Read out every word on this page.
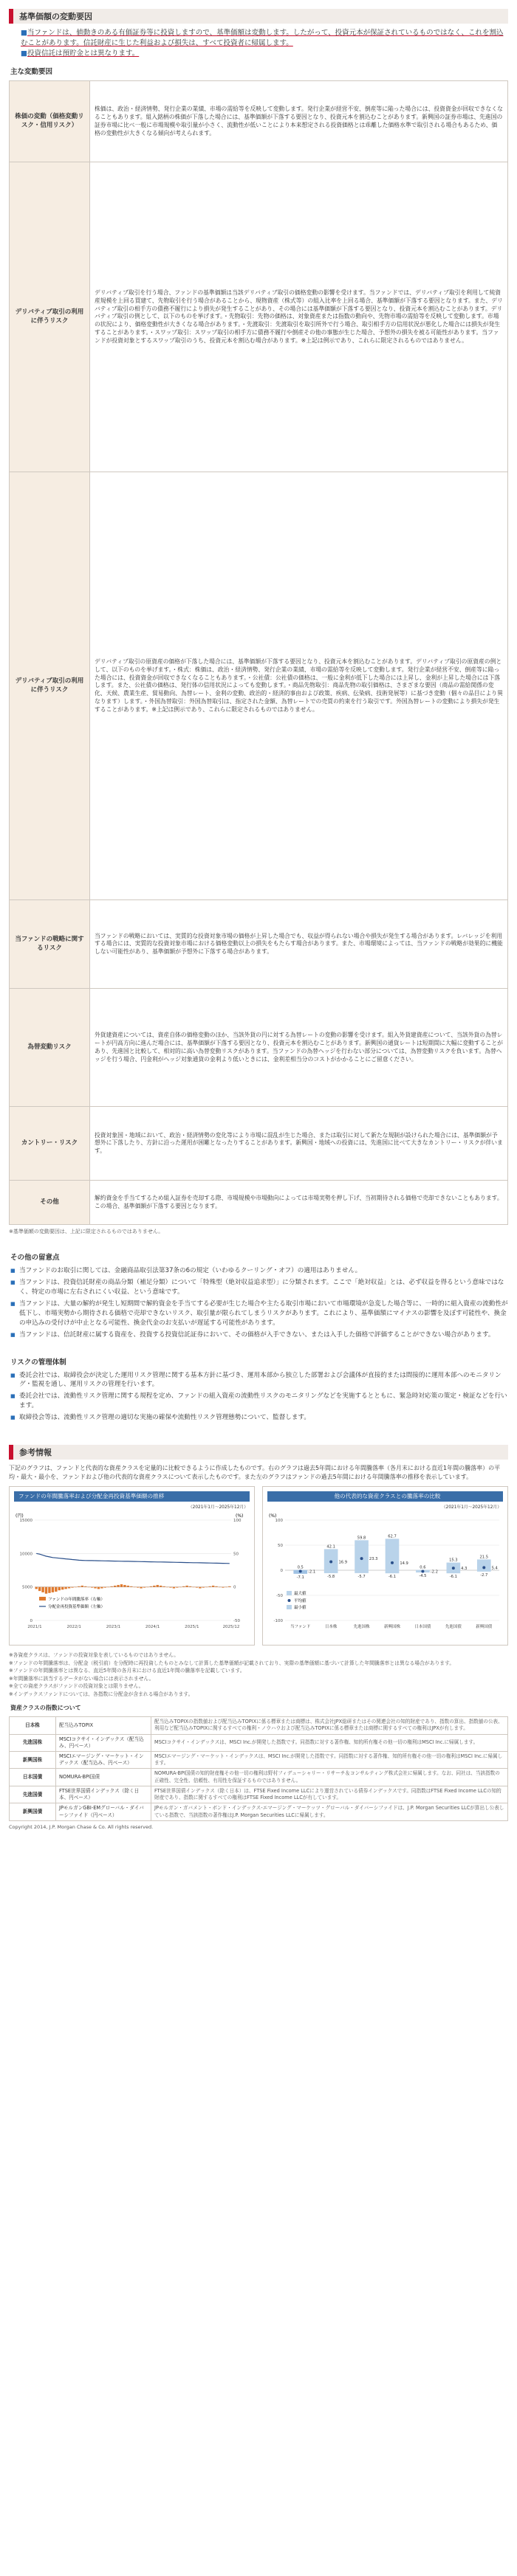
基準価額の変動要因
■当ファンドは、値動きのある有価証券等に投資しますので、基準価額は変動します。したがって、投資元本が保証されているものではなく、これを割込むことがあります。信託財産に生じた利益および損失は、すべて投資者に帰属します。
■投資信託は預貯金とは異なります。
主な変動要因
株価の変動（価格変動リスク・信用リスク）	株価は、政治・経済情勢、発行企業の業績、市場の需給等を反映して変動します。発行企業が経営不安、倒産等に陥った場合には、投資資金が回収できなくなることもあります。組入銘柄の株価が下落した場合には、基準価額が下落する要因となり、投資元本を割込むことがあります。新興国の証券市場は、先進国の証券市場に比べ一般に市場規模や取引量が小さく、流動性が低いことにより本来想定される投資価格とは乖離した価格水準で取引される場合もあるため、価格の変動性が大きくなる傾向が考えられます。
デリバティブ取引の利用に伴うリスク	デリバティブ取引を行う場合、ファンドの基準価額は当該デリバティブ取引の価格変動の影響を受けます。当ファンドでは、デリバティブ取引を利用して純資産規模を上回る買建て、先物取引を行う場合があることから、現物資産（株式等）の組入比率を上回る場合、基準価額が下落する要因となります。また、デリバティブ取引の相手方の債務不履行により損失が発生することがあり、その場合には基準価額が下落する要因となり、投資元本を割込むことがあります。デリバティブ取引の例として、以下のものを挙げます。・先物取引：先物の価格は、対象資産または指数の動向や、先物市場の需給等を反映して変動します。市場の状況により、価格変動性が大きくなる場合があります。・先渡取引：先渡取引を取引所外で行う場合、取引相手方の信用状況が悪化した場合には損失が発生することがあります。・スワップ取引：スワップ取引の相手方に債務不履行や倒産その他の事態が生じた場合、予想外の損失を被る可能性があります。当ファンドが投資対象とするスワップ取引のうち、投資元本を割込む場合があります。※上記は例示であり、これらに限定されるものではありません。
デリバティブ取引の利用に伴うリスク	デリバティブ取引の原資産の価格が下落した場合には、基準価額が下落する要因となり、投資元本を割込むことがあります。デリバティブ取引の原資産の例として、以下のものを挙げます。・株式：株価は、政治・経済情勢、発行企業の業績、市場の需給等を反映して変動します。発行企業が経営不安、倒産等に陥った場合には、投資資金が回収できなくなることもあります。・公社債：公社債の価格は、一般に金利が低下した場合には上昇し、金利が上昇した場合には下落します。また、公社債の価格は、発行体の信用状況によっても変動します。・商品先物取引：商品先物の取引価格は、さまざまな要因（商品の需給関係の変化、天候、農業生産、貿易動向、為替レート、金利の変動、政治的・経済的事由および政策、疾病、伝染病、技術発展等）に基づき変動（個々の品目により異なります）します。・外国為替取引：外国為替取引は、指定された金額、為替レートでの売買の約束を行う取引です。外国為替レートの変動により損失が発生することがあります。※上記は例示であり、これらに限定されるものではありません。
当ファンドの戦略に関するリスク	当ファンドの戦略においては、実質的な投資対象市場の価格が上昇した場合でも、収益が得られない場合や損失が発生する場合があります。レバレッジを利用する場合には、実質的な投資対象市場における価格変動以上の損失をもたらす場合があります。また、市場環境によっては、当ファンドの戦略が効果的に機能しない可能性があり、基準価額が予想外に下落する場合があります。
為替変動リスク	外貨建資産については、資産自体の価格変動のほか、当該外貨の円に対する為替レートの変動の影響を受けます。組入外貨建資産について、当該外貨の為替レートが円高方向に進んだ場合には、基準価額が下落する要因となり、投資元本を割込むことがあります。新興国の通貨レートは短期間に大幅に変動することがあり、先進国と比較して、相対的に高い為替変動リスクがあります。当ファンドの為替ヘッジを行わない部分については、為替変動リスクを負います。為替ヘッジを行う場合、円金利がヘッジ対象通貨の金利より低いときには、金利差相当分のコストがかかることにご留意ください。
カントリー・リスク	投資対象国・地域において、政治・経済情勢の変化等により市場に混乱が生じた場合、または取引に対して新たな規制が設けられた場合には、基準価額が予想外に下落したり、方針に沿った運用が困難となったりすることがあります。新興国・地域への投資には、先進国に比べて大きなカントリー・リスクが伴います。
その他	解約資金を手当てするため組入証券を売却する際、市場規模や市場動向によっては市場実勢を押し下げ、当初期待される価格で売却できないこともあります。この場合、基準価額が下落する要因となります。
※基準価額の変動要因は、上記に限定されるものではありません。
その他の留意点
■ 当ファンドのお取引に関しては、金融商品取引法第37条の6の規定（いわゆるクーリング・オフ）の適用はありません。
■ 当ファンドは、投資信託財産の商品分類（補足分類）について「特殊型（絶対収益追求型）」に分類されます。ここで「絶対収益」とは、必ず収益を得るという意味ではなく、特定の市場に左右されにくい収益、という意味です。
■ 当ファンドは、大量の解約が発生し短期間で解約資金を手当てする必要が生じた場合や主たる取引市場において市場環境が急変した場合等に、一時的に組入資産の流動性が低下し、市場実勢から期待される価格で売却できないリスク、取引量が限られてしまうリスクがあります。これにより、基準価額にマイナスの影響を及ぼす可能性や、換金の申込みの受付けが中止となる可能性、換金代金のお支払いが遅延する可能性があります。
■ 当ファンドは、信託財産に属する資産を、投資する投資信託証券において、その価格が入手できない、または入手した価格で評価することができない場合があります。
リスクの管理体制
■ 委託会社では、取締役会が決定した運用リスク管理に関する基本方針に基づき、運用本部から独立した部署および会議体が直接的または間接的に運用本部へのモニタリング・監視を通し、運用リスクの管理を行います。
■ 委託会社では、流動性リスク管理に関する規程を定め、ファンドの組入資産の流動性リスクのモニタリングなどを実施するとともに、緊急時対応策の策定・検証などを行います。
■ 取締役会等は、流動性リスク管理の適切な実施の確保や流動性リスク管理態勢について、監督します。
参考情報
下記のグラフは、ファンドと代表的な資産クラスを定量的に比較できるように作成したものです。右のグラフは過去5年間における年間騰落率（各月末における直近1年間の騰落率）の平均・最大・最小を、ファンドおよび他の代表的な資産クラスについて表示したものです。また左のグラフはファンドの過去5年間における年間騰落率の推移を表示しています。
ファンドの年間騰落率および分配金再投資基準価額の推移
（2021年1月～2025年12月）
(円)	(%)
0
5000
10000
15000
-50
0
50
100
2021/1	2022/1	2023/1	2024/1	2025/1	2025/12
ファンドの年間騰落率（右軸）
分配金再投資基準価額（左軸）
他の代表的な資産クラスとの騰落率の比較
（2021年1月～2025年12月）
(%)
-100
-50
0
50
100
0.5
-2.1
-7.1
当ファンド
42.1
16.9
-5.8
日本株
59.8
23.3
-5.7
先進国株
62.7
14.9
-6.1
新興国株
0.6
-2.2
-4.5
日本国債
15.3
4.3
-6.1
先進国債
21.5
5.4
-2.7
新興国債
最大値
平均値
最小値
※各資産クラスは、ファンドの投資対象を表しているものではありません。
※ファンドの年間騰落率は、分配金（税引前）を分配時に再投資したものとみなして計算した基準価額が記載されており、実際の基準価額に基づいて計算した年間騰落率とは異なる場合があります。
※ファンドの年間騰落率とは異なる、直近5年間の各月末における直近1年間の騰落率を記載しています。
※年間騰落率に該当するデータがない場合には表示されません。
※全ての資産クラスがファンドの投資対象とは限りません。
※インデックスファンドについては、各指数に分配金が含まれる場合があります。
資産クラスの指数について
日本株	配当込みTOPIX	配当込みTOPIXの指数値および配当込みTOPIXに係る標章または商標は、株式会社JPX総研またはその関連会社の知的財産であり、指数の算出、指数値の公表、利用など配当込みTOPIXに関するすべての権利・ノウハウおよび配当込みTOPIXに係る標章または商標に関するすべての権利はJPXが有します。
先進国株	MSCIコクサイ・インデックス（配当込み、円ベース）	MSCIコクサイ・インデックスは、MSCI Inc.が開発した指数です。同指数に対する著作権、知的所有権その他一切の権利はMSCI Inc.に帰属します。
新興国株	MSCIエマージング・マーケット・インデックス（配当込み、円ベース）	MSCIエマージング・マーケット・インデックスは、MSCI Inc.が開発した指数です。同指数に対する著作権、知的所有権その他一切の権利はMSCI Inc.に帰属します。
日本国債	NOMURA-BPI国債	NOMURA-BPI国債の知的財産権その他一切の権利は野村フィデューシャリー・リサーチ＆コンサルティング株式会社に帰属します。なお、同社は、当該指数の正確性、完全性、信頼性、有用性を保証するものではありません。
先進国債	FTSE世界国債インデックス（除く日本、円ベース）	FTSE世界国債インデックス（除く日本）は、FTSE Fixed Income LLCにより運営されている債券インデックスです。同指数はFTSE Fixed Income LLCの知的財産であり、指数に関するすべての権利はFTSE Fixed Income LLCが有しています。
新興国債	JPモルガンGBI-EMグローバル・ダイバーシファイド（円ベース）	JPモルガン・ガバメント・ボンド・インデックス-エマージング・マーケッツ・グローバル・ダイバーシファイドは、J.P. Morgan Securities LLCが算出し公表している指数で、当該指数の著作権はJ.P. Morgan Securities LLCに帰属します。
Copyright 2014, J.P. Morgan Chase & Co. All rights reserved.
